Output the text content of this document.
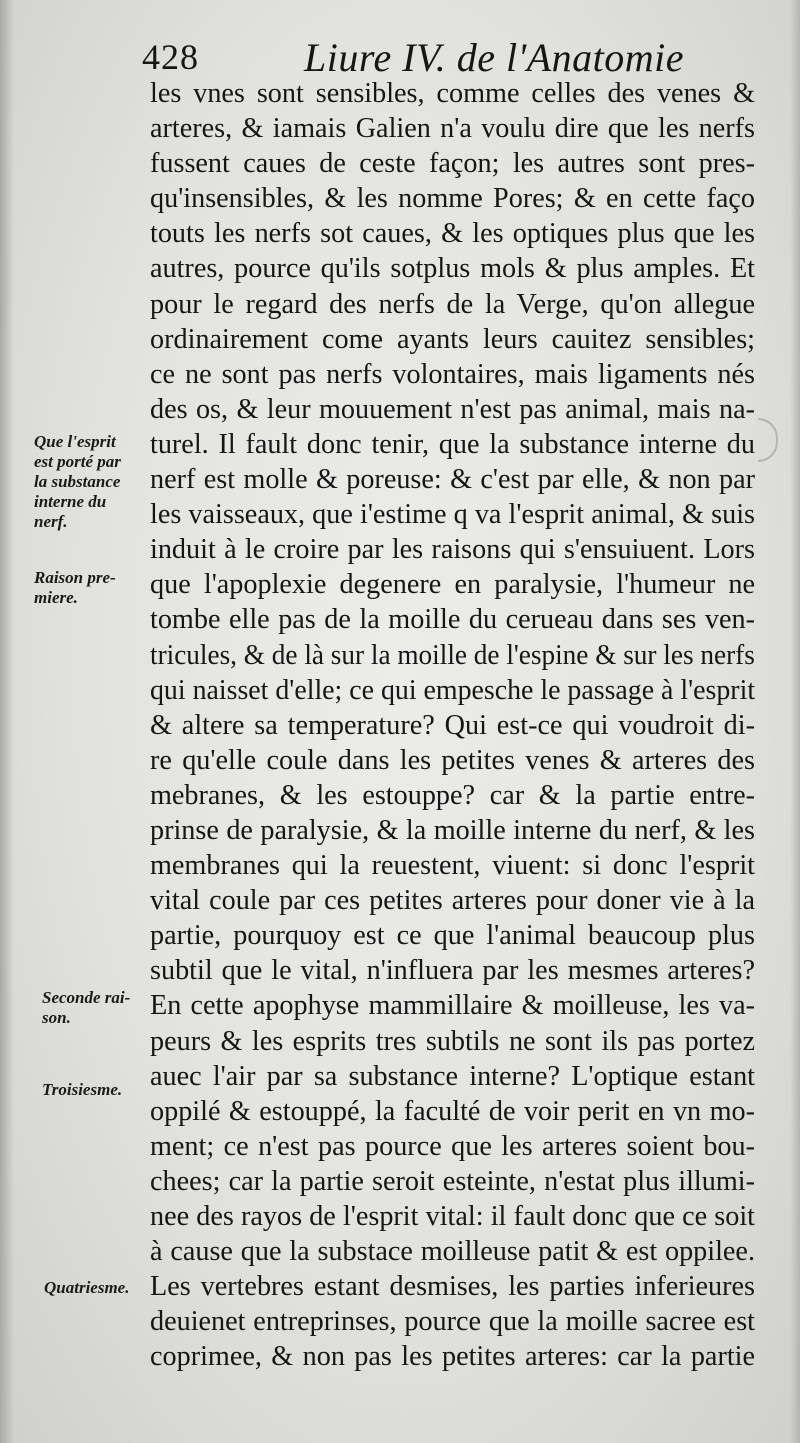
428	Liure IV. de l'Anatomie
les vnes sont sensibles, comme celles des venes &
arteres, & iamais Galien n'a voulu dire que les nerfs
fussent caues de ceste façon; les autres sont pres-
qu'insensibles, & les nomme Pores; & en cette faço
touts les nerfs sot caues, & les optiques plus que les
autres, pource qu'ils sotplus mols & plus amples. Et
pour le regard des nerfs de la Verge, qu'on allegue
ordinairement come ayants leurs cauitez sensibles;
ce ne sont pas nerfs volontaires, mais ligaments nés
des os, & leur mouuement n'est pas animal, mais na-
turel. Il fault donc tenir, que la substance interne du
nerf est molle & poreuse: & c'est par elle, & non par
les vaisseaux, que i'estime q va l'esprit animal, & suis
induit à le croire par les raisons qui s'ensuiuent. Lors
que l'apoplexie degenere en paralysie, l'humeur ne
tombe elle pas de la moille du cerueau dans ses ven-
tricules, & de là sur la moille de l'espine & sur les nerfs
qui naisset d'elle; ce qui empesche le passage à l'esprit
& altere sa temperature? Qui est-ce qui voudroit di-
re qu'elle coule dans les petites venes & arteres des
mebranes, & les estouppe? car & la partie entre-
prinse de paralysie, & la moille interne du nerf, & les
membranes qui la reuestent, viuent: si donc l'esprit
vital coule par ces petites arteres pour doner vie à la
partie, pourquoy est ce que l'animal beaucoup plus
subtil que le vital, n'influera par les mesmes arteres?
En cette apophyse mammillaire & moilleuse, les va-
peurs & les esprits tres subtils ne sont ils pas portez
auec l'air par sa substance interne? L'optique estant
oppilé & estouppé, la faculté de voir perit en vn mo-
ment; ce n'est pas pource que les arteres soient bou-
chees; car la partie seroit esteinte, n'estat plus illumi-
nee des rayos de l'esprit vital: il fault donc que ce soit
à cause que la substace moilleuse patit & est oppilee.
Les vertebres estant desmises, les parties inferieures
deuienet entreprinses, pource que la moille sacree est
coprimee, & non pas les petites arteres: car la partie
Que l'esprit
est porté par
la substance
interne du
nerf.
Raison pre-
miere.
Seconde rai-
son.
Troisiesme.
Quatriesme.
